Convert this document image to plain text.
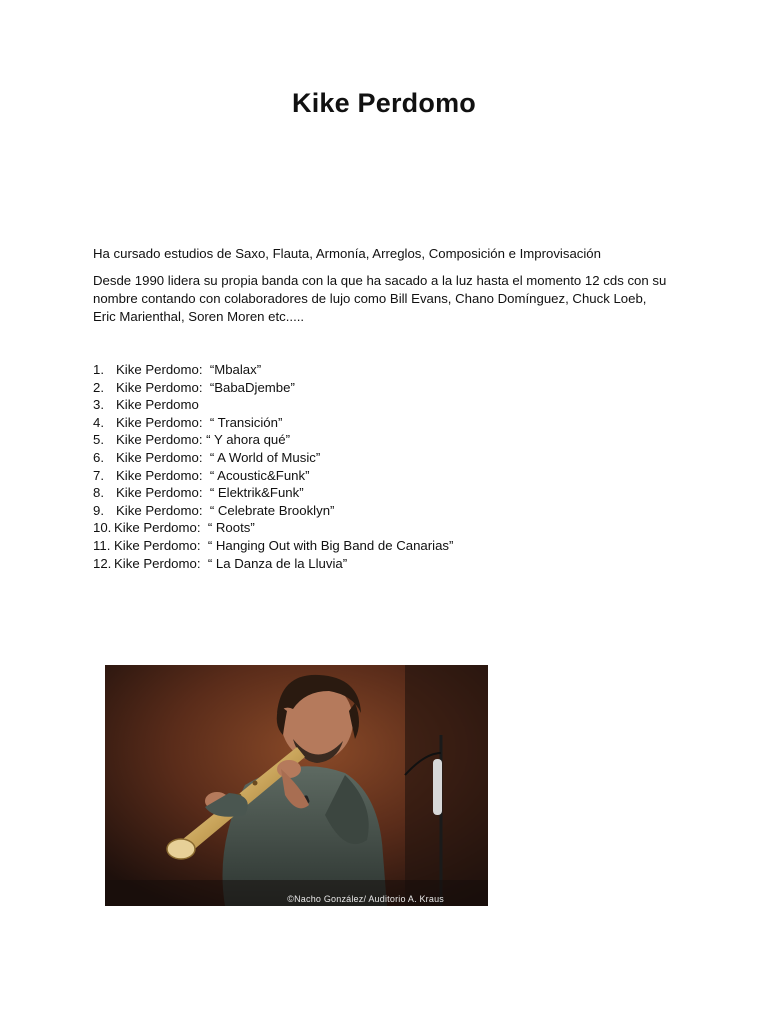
Kike Perdomo

Ha cursado estudios de Saxo, Flauta, Armonía, Arreglos, Composición e Improvisación

Desde 1990 lidera su propia banda con la que ha sacado a la luz hasta el momento 12 cds con su nombre contando con colaboradores de lujo como Bill Evans, Chano Domínguez, Chuck Loeb, Eric Marienthal, Soren Moren etc.....

1. Kike Perdomo:  “Mbalax”
2. Kike Perdomo:  “BabaDjembe”
3. Kike Perdomo
4. Kike Perdomo:  “ Transición”
5. Kike Perdomo: “ Y ahora qué”
6. Kike Perdomo:  “ A World of Music”
7. Kike Perdomo:  “ Acoustic&Funk”
8. Kike Perdomo:  “ Elektrik&Funk”
9. Kike Perdomo:  “ Celebrate Brooklyn”
10. Kike Perdomo:  “ Roots”
11. Kike Perdomo:  “ Hanging Out with Big Band de Canarias”
12. Kike Perdomo:  “ La Danza de la Lluvia”
©Nacho González/ Auditorio A. Kraus
